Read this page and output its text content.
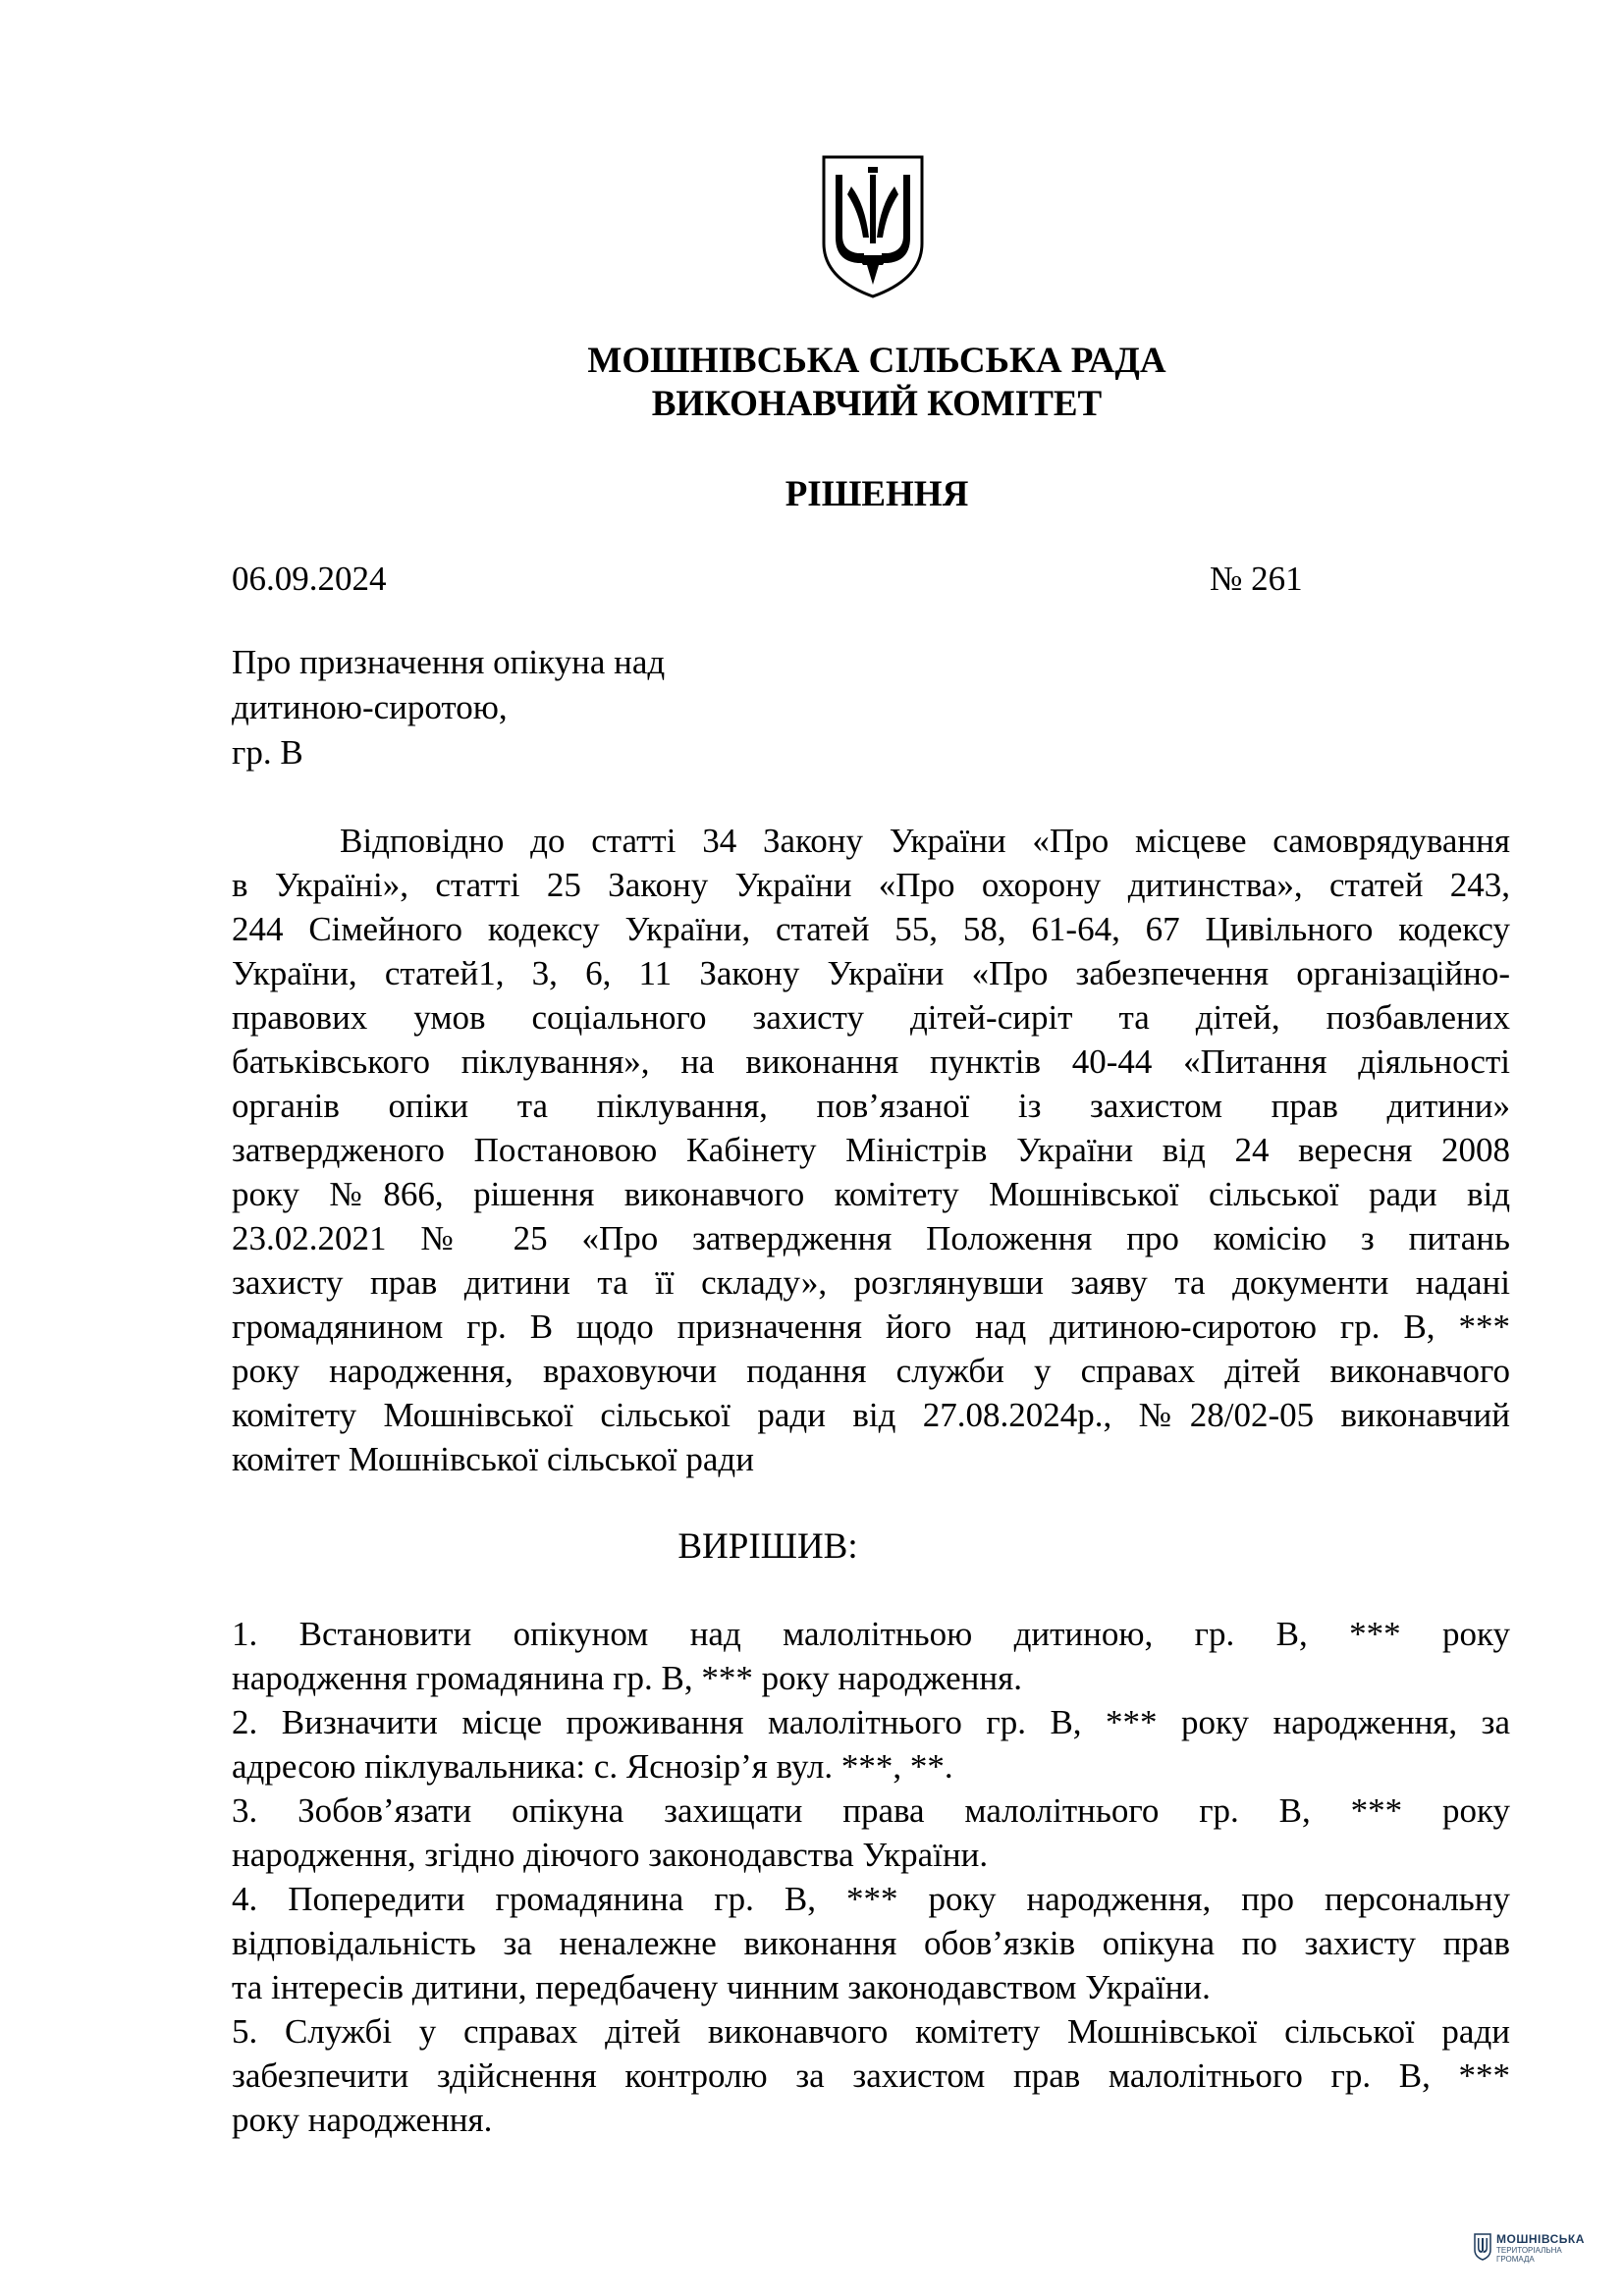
МОШНІВСЬКА СІЛЬСЬКА РАДА
ВИКОНАВЧИЙ КОМІТЕТ
РІШЕННЯ
06.09.2024	№ 261
Про призначення опікуна над
дитиною-сиротою,
гр. В
Відповідно до статті 34 Закону України «Про місцеве самоврядування
в Україні», статті 25 Закону України «Про охорону дитинства», статей 243,
244 Сімейного кодексу України, статей 55, 58, 61-64, 67 Цивільного кодексу
України, статей1, 3, 6, 11 Закону України «Про забезпечення організаційно-
правових умов соціального захисту дітей-сиріт та дітей, позбавлених
батьківського піклування», на виконання пунктів 40-44 «Питання діяльності
органів опіки та піклування, пов’язаної із захистом прав дитини»
затвердженого Постановою Кабінету Міністрів України від 24 вересня 2008
року №866, рішення виконавчого комітету Мошнівської сільської ради від
23.02.2021 № 25 «Про затвердження Положення про комісію з питань
захисту прав дитини та її складу», розглянувши заяву та документи надані
громадянином гр. В щодо призначення його над дитиною-сиротою гр. В, ***
року народження, враховуючи подання служби у справах дітей виконавчого
комітету Мошнівської сільської ради від 27.08.2024р., №28/02-05 виконавчий
комітет Мошнівської сільської ради
ВИРІШИВ:
1. Встановити опікуном над малолітньою дитиною, гр. В, *** року
народження громадянина гр. В, *** року народження.
2. Визначити місце проживання малолітнього гр. В, *** року народження, за
адресою піклувальника: с. Яснозір’я вул. ***, **.
3. Зобов’язати опікуна захищати права малолітнього гр. В, *** року
народження, згідно діючого законодавства України.
4. Попередити громадянина гр. В, *** року народження, про персональну
відповідальність за неналежне виконання обов’язків опікуна по захисту прав
та інтересів дитини, передбачену чинним законодавством України.
5. Службі у справах дітей виконавчого комітету Мошнівської сільської ради
забезпечити здійснення контролю за захистом прав малолітнього гр. В, ***
року народження.
МОШНІВСЬКА
ТЕРИТОРІАЛЬНА
ГРОМАДА
